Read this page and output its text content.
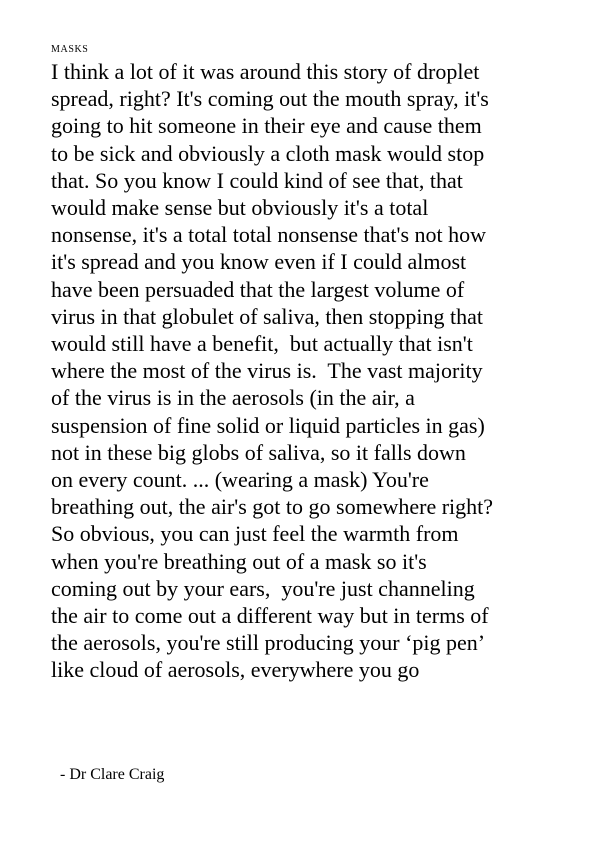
MASKS

I think a lot of it was around this story of droplet
spread, right? It's coming out the mouth spray, it's
going to hit someone in their eye and cause them
to be sick and obviously a cloth mask would stop
that. So you know I could kind of see that, that
would make sense but obviously it's a total
nonsense, it's a total total nonsense that's not how
it's spread and you know even if I could almost
have been persuaded that the largest volume of
virus in that globulet of saliva, then stopping that
would still have a benefit,  but actually that isn't
where the most of the virus is.  The vast majority
of the virus is in the aerosols (in the air, a
suspension of fine solid or liquid particles in gas)
not in these big globs of saliva, so it falls down
on every count. ... (wearing a mask) You're
breathing out, the air's got to go somewhere right?
So obvious, you can just feel the warmth from
when you're breathing out of a mask so it's
coming out by your ears,  you're just channeling
the air to come out a different way but in terms of
the aerosols, you're still producing your ‘pig pen’
like cloud of aerosols, everywhere you go

- Dr Clare Craig
